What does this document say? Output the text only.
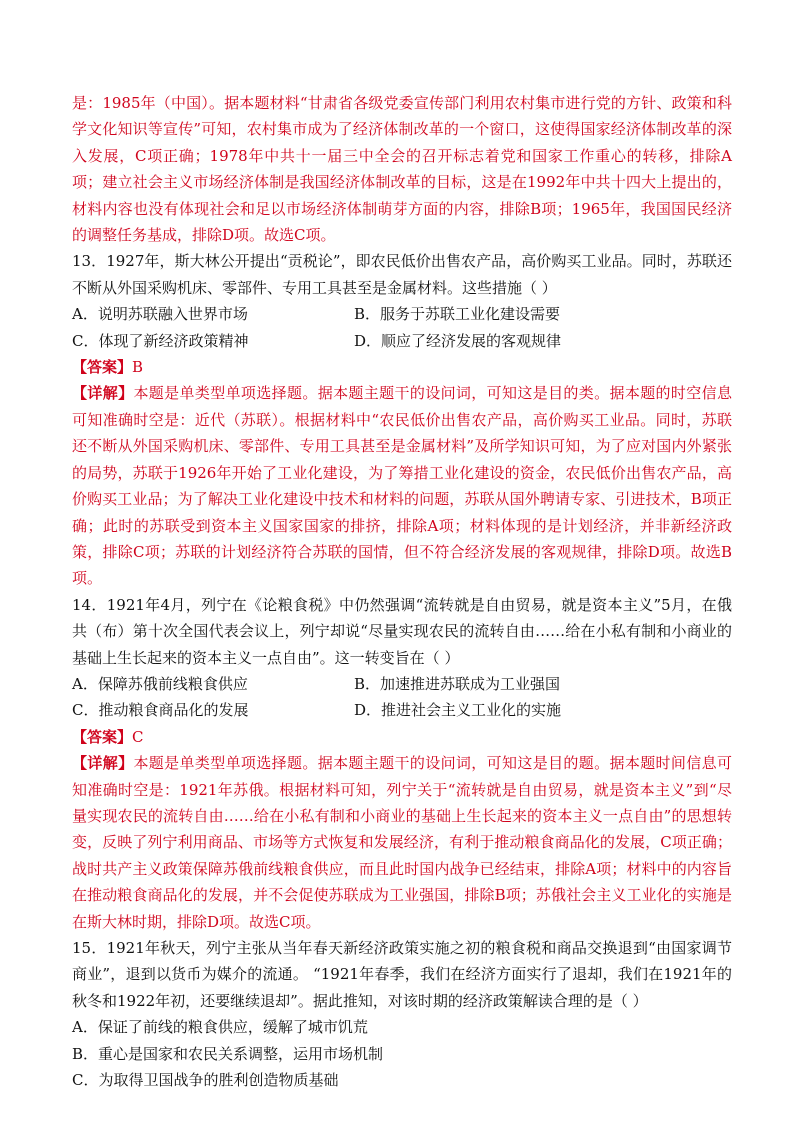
是：1985年（中国）。据本题材料“甘肃省各级党委宣传部门利用农村集市进行党的方针、政策和科学文化知识等宣传”可知，农村集市成为了经济体制改革的一个窗口，这使得国家经济体制改革的深入发展，C项正确；1978年中共十一届三中全会的召开标志着党和国家工作重心的转移，排除A项；建立社会主义市场经济体制是我国经济体制改革的目标，这是在1992年中共十四大上提出的，材料内容也没有体现社会和足以市场经济体制萌芽方面的内容，排除B项；1965年，我国国民经济的调整任务基成，排除D项。故选C项。

13．1927年，斯大林公开提出“贡税论”，即农民低价出售农产品，高价购买工业品。同时，苏联还不断从外国采购机床、零部件、专用工具甚至是金属材料。这些措施（ ）

A．说明苏联融入世界市场	B．服务于苏联工业化建设需要
C．体现了新经济政策精神	D．顺应了经济发展的客观规律

【答案】B

【详解】本题是单类型单项选择题。据本题主题干的设问词，可知这是目的类。据本题的时空信息可知准确时空是：近代（苏联）。根据材料中“农民低价出售农产品，高价购买工业品。同时，苏联还不断从外国采购机床、零部件、专用工具甚至是金属材料”及所学知识可知，为了应对国内外紧张的局势，苏联于1926年开始了工业化建设，为了筹措工业化建设的资金，农民低价出售农产品，高价购买工业品；为了解决工业化建设中技术和材料的问题，苏联从国外聘请专家、引进技术，B项正确；此时的苏联受到资本主义国家国家的排挤，排除A项；材料体现的是计划经济，并非新经济政策，排除C项；苏联的计划经济符合苏联的国情，但不符合经济发展的客观规律，排除D项。故选B项。

14．1921年4月，列宁在《论粮食税》中仍然强调“流转就是自由贸易，就是资本主义”5月，在俄共（布）第十次全国代表会议上，列宁却说“尽量实现农民的流转自由……给在小私有制和小商业的基础上生长起来的资本主义一点自由”。这一转变旨在（ ）

A．保障苏俄前线粮食供应	B．加速推进苏联成为工业强国
C．推动粮食商品化的发展	D．推进社会主义工业化的实施

【答案】C

【详解】本题是单类型单项选择题。据本题主题干的设问词，可知这是目的题。据本题时间信息可知准确时空是：1921年苏俄。根据材料可知，列宁关于“流转就是自由贸易，就是资本主义”到“尽量实现农民的流转自由……给在小私有制和小商业的基础上生长起来的资本主义一点自由”的思想转变，反映了列宁利用商品、市场等方式恢复和发展经济，有利于推动粮食商品化的发展，C项正确；战时共产主义政策保障苏俄前线粮食供应，而且此时国内战争已经结束，排除A项；材料中的内容旨在推动粮食商品化的发展，并不会促使苏联成为工业强国，排除B项；苏俄社会主义工业化的实施是在斯大林时期，排除D项。故选C项。

15．1921年秋天，列宁主张从当年春天新经济政策实施之初的粮食税和商品交换退到“由国家调节商业”，退到以货币为媒介的流通。 “1921年春季，我们在经济方面实行了退却，我们在1921年的秋冬和1922年初，还要继续退却”。据此推知，对该时期的经济政策解读合理的是（ ）

A．保证了前线的粮食供应，缓解了城市饥荒
B．重心是国家和农民关系调整，运用市场机制
C．为取得卫国战争的胜利创造物质基础
